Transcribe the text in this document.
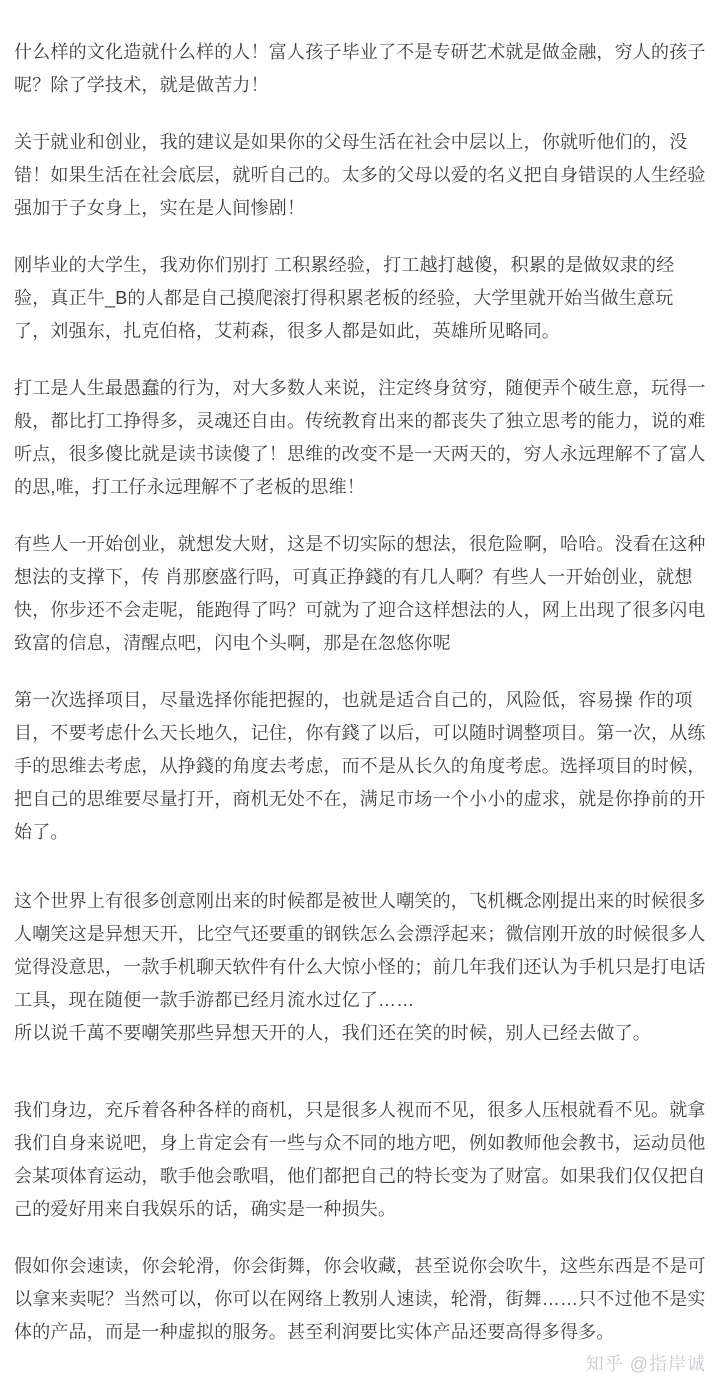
什么样的文化造就什么样的人！富人孩子毕业了不是专研艺术就是做金融，穷人的孩子呢？除了学技术，就是做苦力！

关于就业和创业，我的建议是如果你的父母生活在社会中层以上，你就听他们的，没错！如果生活在社会底层，就听自己的。太多的父母以爱的名义把自身错误的人生经验强加于子女身上，实在是人间惨剧！

刚毕业的大学生，我劝你们别打 工积累经验，打工越打越傻，积累的是做奴隶的经验，真正牛_B的人都是自己摸爬滚打得积累老板的经验，大学里就开始当做生意玩了，刘强东，扎克伯格，艾莉森，很多人都是如此，英雄所见略同。

打工是人生最愚蠢的行为，对大多数人来说，注定终身贫穷，随便弄个破生意，玩得一般，都比打工挣得多，灵魂还自由。传统教育出来的都丧失了独立思考的能力，说的难听点，很多傻比就是读书读傻了！思维的改变不是一天两天的，穷人永远理解不了富人的思,唯，打工仔永远理解不了老板的思维！

有些人一开始创业，就想发大财，这是不切实际的想法，很危险啊，哈哈。没看在这种想法的支撑下，传 肖那麽盛行吗，可真正挣錢的有几人啊？有些人一开始创业，就想快，你步还不会走呢，能跑得了吗？可就为了迎合这样想法的人，网上出现了很多闪电致富的信息，清醒点吧，闪电个头啊，那是在忽悠你呢

第一次选择项目，尽量选择你能把握的，也就是适合自己的，风险低，容易操 作的项目，不要考虑什么天长地久，记住，你有錢了以后，可以随时调整项目。第一次，从练手的思维去考虑，从挣錢的角度去考虑，而不是从长久的角度考虑。选择项目的时候，把自己的思维要尽量打开，商机无处不在，满足市场一个小小的虚求，就是你挣前的开始了。

这个世界上有很多创意刚出来的时候都是被世人嘲笑的，飞机概念刚提出来的时候很多人嘲笑这是异想天开，比空气还要重的钢铁怎么会漂浮起来；微信刚开放的时候很多人觉得没意思，一款手机聊天软件有什么大惊小怪的；前几年我们还认为手机只是打电话工具，现在随便一款手游都已经月流水过亿了……

所以说千萬不要嘲笑那些异想天开的人，我们还在笑的时候，别人已经去做了。

我们身边，充斥着各种各样的商机，只是很多人视而不见，很多人压根就看不见。就拿我们自身来说吧，身上肯定会有一些与众不同的地方吧，例如教师他会教书，运动员他会某项体育运动，歌手他会歌唱，他们都把自己的特长变为了财富。如果我们仅仅把自己的爱好用来自我娱乐的话，确实是一种损失。

假如你会速读，你会轮滑，你会街舞，你会收藏，甚至说你会吹牛，这些东西是不是可以拿来卖呢？当然可以，你可以在网络上教别人速读，轮滑，街舞……只不过他不是实体的产品，而是一种虚拟的服务。甚至利润要比实体产品还要高得多得多。

知乎 @指岸诚
